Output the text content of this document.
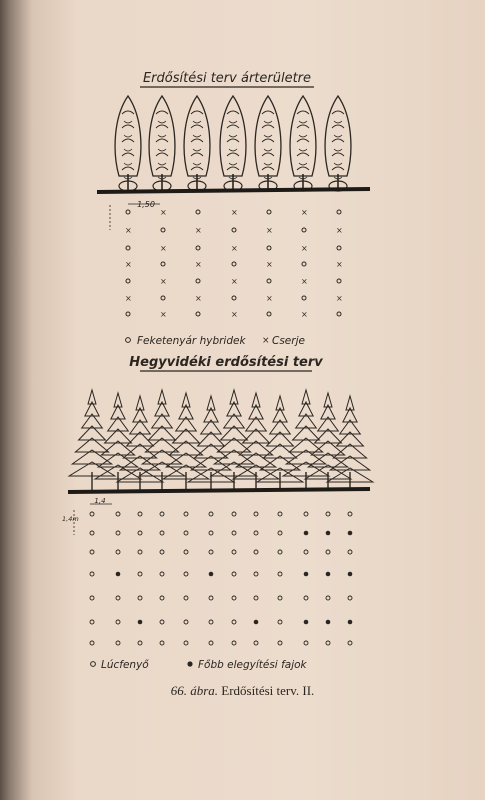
×
×
×
×
×
×
×
×
×
×
×
×
×
×
×
×
×
×
×
×
×
×
×
×
Erdősítési terv árterületre
1,50
Feketenyár hybridek × Cserje
Hegyvidéki erdősítési terv
1,4
1,4m
Lúcfenyő	Főbb elegyítési fajok
66. ábra. Erdősítési terv. II.
